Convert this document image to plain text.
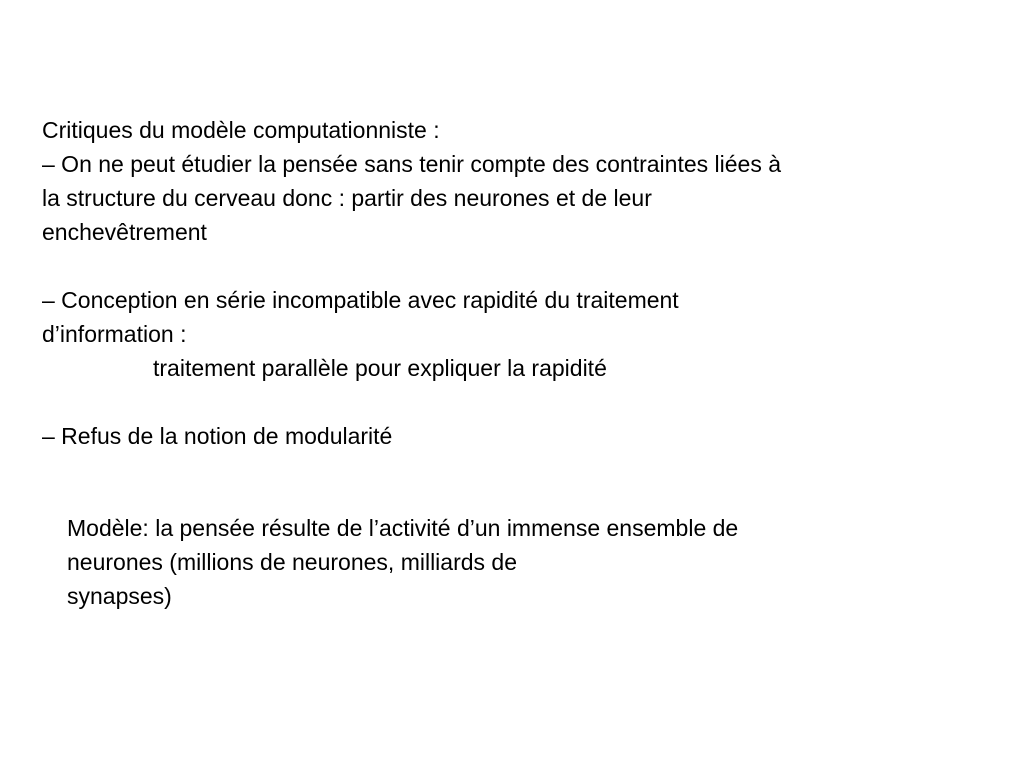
Critiques du modèle computationniste :

– On ne peut étudier la pensée sans tenir compte des contraintes liées à

la structure du cerveau donc : partir des neurones et de leur

enchevêtrement

– Conception en série incompatible avec rapidité du traitement

d’information :

traitement parallèle pour expliquer la rapidité

– Refus de la notion de modularité

Modèle: la pensée résulte de l’activité d’un immense ensemble de

neurones (millions de neurones, milliards de

synapses)
